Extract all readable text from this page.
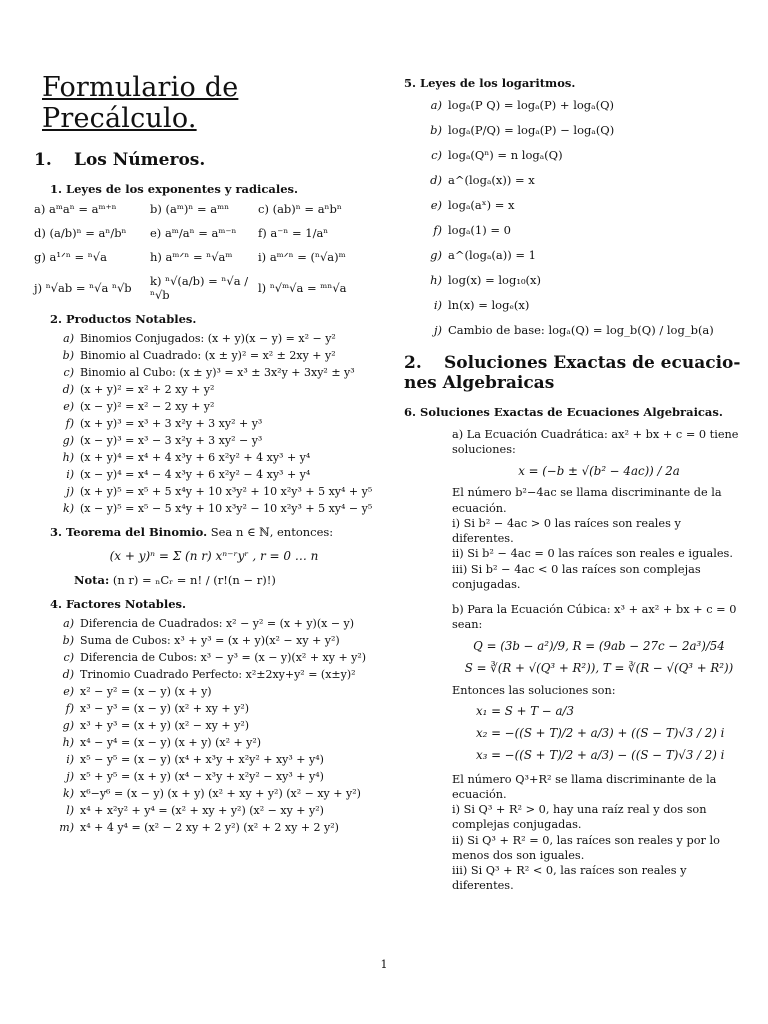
Formulario de Precálculo.
1. Los Números.
1. Leyes de los exponentes y radicales.
a) aᵐaⁿ = aᵐ⁺ⁿ	b) (aᵐ)ⁿ = aᵐⁿ	c) (ab)ⁿ = aⁿbⁿ
d) (a/b)ⁿ = aⁿ/bⁿ	e) aᵐ/aⁿ = aᵐ⁻ⁿ	f) a⁻ⁿ = 1/aⁿ
g) a¹ᐟⁿ = ⁿ√a	h) aᵐᐟⁿ = ⁿ√aᵐ	i) aᵐᐟⁿ = (ⁿ√a)ᵐ
j) ⁿ√ab = ⁿ√a ⁿ√b	k) ⁿ√(a/b) = ⁿ√a / ⁿ√b	l) ⁿ√ᵐ√a = ᵐⁿ√a
2. Productos Notables.
a) Binomios Conjugados: (x + y)(x − y) = x² − y²
b) Binomio al Cuadrado: (x ± y)² = x² ± 2xy + y²
c) Binomio al Cubo: (x ± y)³ = x³ ± 3x²y + 3xy² ± y³
d) (x + y)² = x² + 2 xy + y²
e) (x − y)² = x² − 2 xy + y²
f) (x + y)³ = x³ + 3 x²y + 3 xy² + y³
g) (x − y)³ = x³ − 3 x²y + 3 xy² − y³
h) (x + y)⁴ = x⁴ + 4 x³y + 6 x²y² + 4 xy³ + y⁴
i) (x − y)⁴ = x⁴ − 4 x³y + 6 x²y² − 4 xy³ + y⁴
j) (x + y)⁵ = x⁵ + 5 x⁴y + 10 x³y² + 10 x²y³ + 5 xy⁴ + y⁵
k) (x − y)⁵ = x⁵ − 5 x⁴y + 10 x³y² − 10 x²y³ + 5 xy⁴ − y⁵
3. Teorema del Binomio. Sea n ∈ ℕ, entonces:
(x + y)ⁿ = Σ (n r) xⁿ⁻ʳyʳ , r = 0 … n
Nota: (n r) = ₙCᵣ = n! / (r!(n − r)!)
4. Factores Notables.
a) Diferencia de Cuadrados: x² − y² = (x + y)(x − y)
b) Suma de Cubos: x³ + y³ = (x + y)(x² − xy + y²)
c) Diferencia de Cubos: x³ − y³ = (x − y)(x² + xy + y²)
d) Trinomio Cuadrado Perfecto: x²±2xy+y² = (x±y)²
e) x² − y² = (x − y) (x + y)
f) x³ − y³ = (x − y) (x² + xy + y²)
g) x³ + y³ = (x + y) (x² − xy + y²)
h) x⁴ − y⁴ = (x − y) (x + y) (x² + y²)
i) x⁵ − y⁵ = (x − y) (x⁴ + x³y + x²y² + xy³ + y⁴)
j) x⁵ + y⁵ = (x + y) (x⁴ − x³y + x²y² − xy³ + y⁴)
k) x⁶−y⁶ = (x − y) (x + y) (x² + xy + y²) (x² − xy + y²)
l) x⁴ + x²y² + y⁴ = (x² + xy + y²) (x² − xy + y²)
m) x⁴ + 4 y⁴ = (x² − 2 xy + 2 y²) (x² + 2 xy + 2 y²)
5. Leyes de los logaritmos.
a) logₐ(P Q) = logₐ(P) + logₐ(Q)
b) logₐ(P/Q) = logₐ(P) − logₐ(Q)
c) logₐ(Qⁿ) = n logₐ(Q)
d) a^(logₐ(x)) = x
e) logₐ(aˣ) = x
f) logₐ(1) = 0
g) a^(logₐ(a)) = 1
h) log(x) = log₁₀(x)
i) ln(x) = logₑ(x)
j) Cambio de base: logₐ(Q) = log_b(Q) / log_b(a)
2. Soluciones Exactas de ecuacio-
nes Algebraicas
6. Soluciones Exactas de Ecuaciones Algebraicas.

a) La Ecuación Cuadrática: ax² + bx + c = 0 tiene soluciones:

x = (−b ± √(b² − 4ac)) / 2a

El número b²−4ac se llama discriminante de la ecuación.

i) Si b² − 4ac > 0 las raíces son reales y diferentes.

ii) Si b² − 4ac = 0 las raíces son reales e iguales.

iii) Si b² − 4ac < 0 las raíces son complejas conjugadas.

b) Para la Ecuación Cúbica: x³ + ax² + bx + c = 0 sean:

Q = (3b − a²)/9, R = (9ab − 27c − 2a³)/54
S = ∛(R + √(Q³ + R²)), T = ∛(R − √(Q³ + R²))

Entonces las soluciones son:

x₁ = S + T − a/3
x₂ = −((S + T)/2 + a/3) + ((S − T)√3 / 2) i
x₃ = −((S + T)/2 + a/3) − ((S − T)√3 / 2) i

El número Q³+R² se llama discriminante de la ecuación.

i) Si Q³ + R² > 0, hay una raíz real y dos son complejas conjugadas.

ii) Si Q³ + R² = 0, las raíces son reales y por lo menos dos son iguales.

iii) Si Q³ + R² < 0, las raíces son reales y diferentes.

1
